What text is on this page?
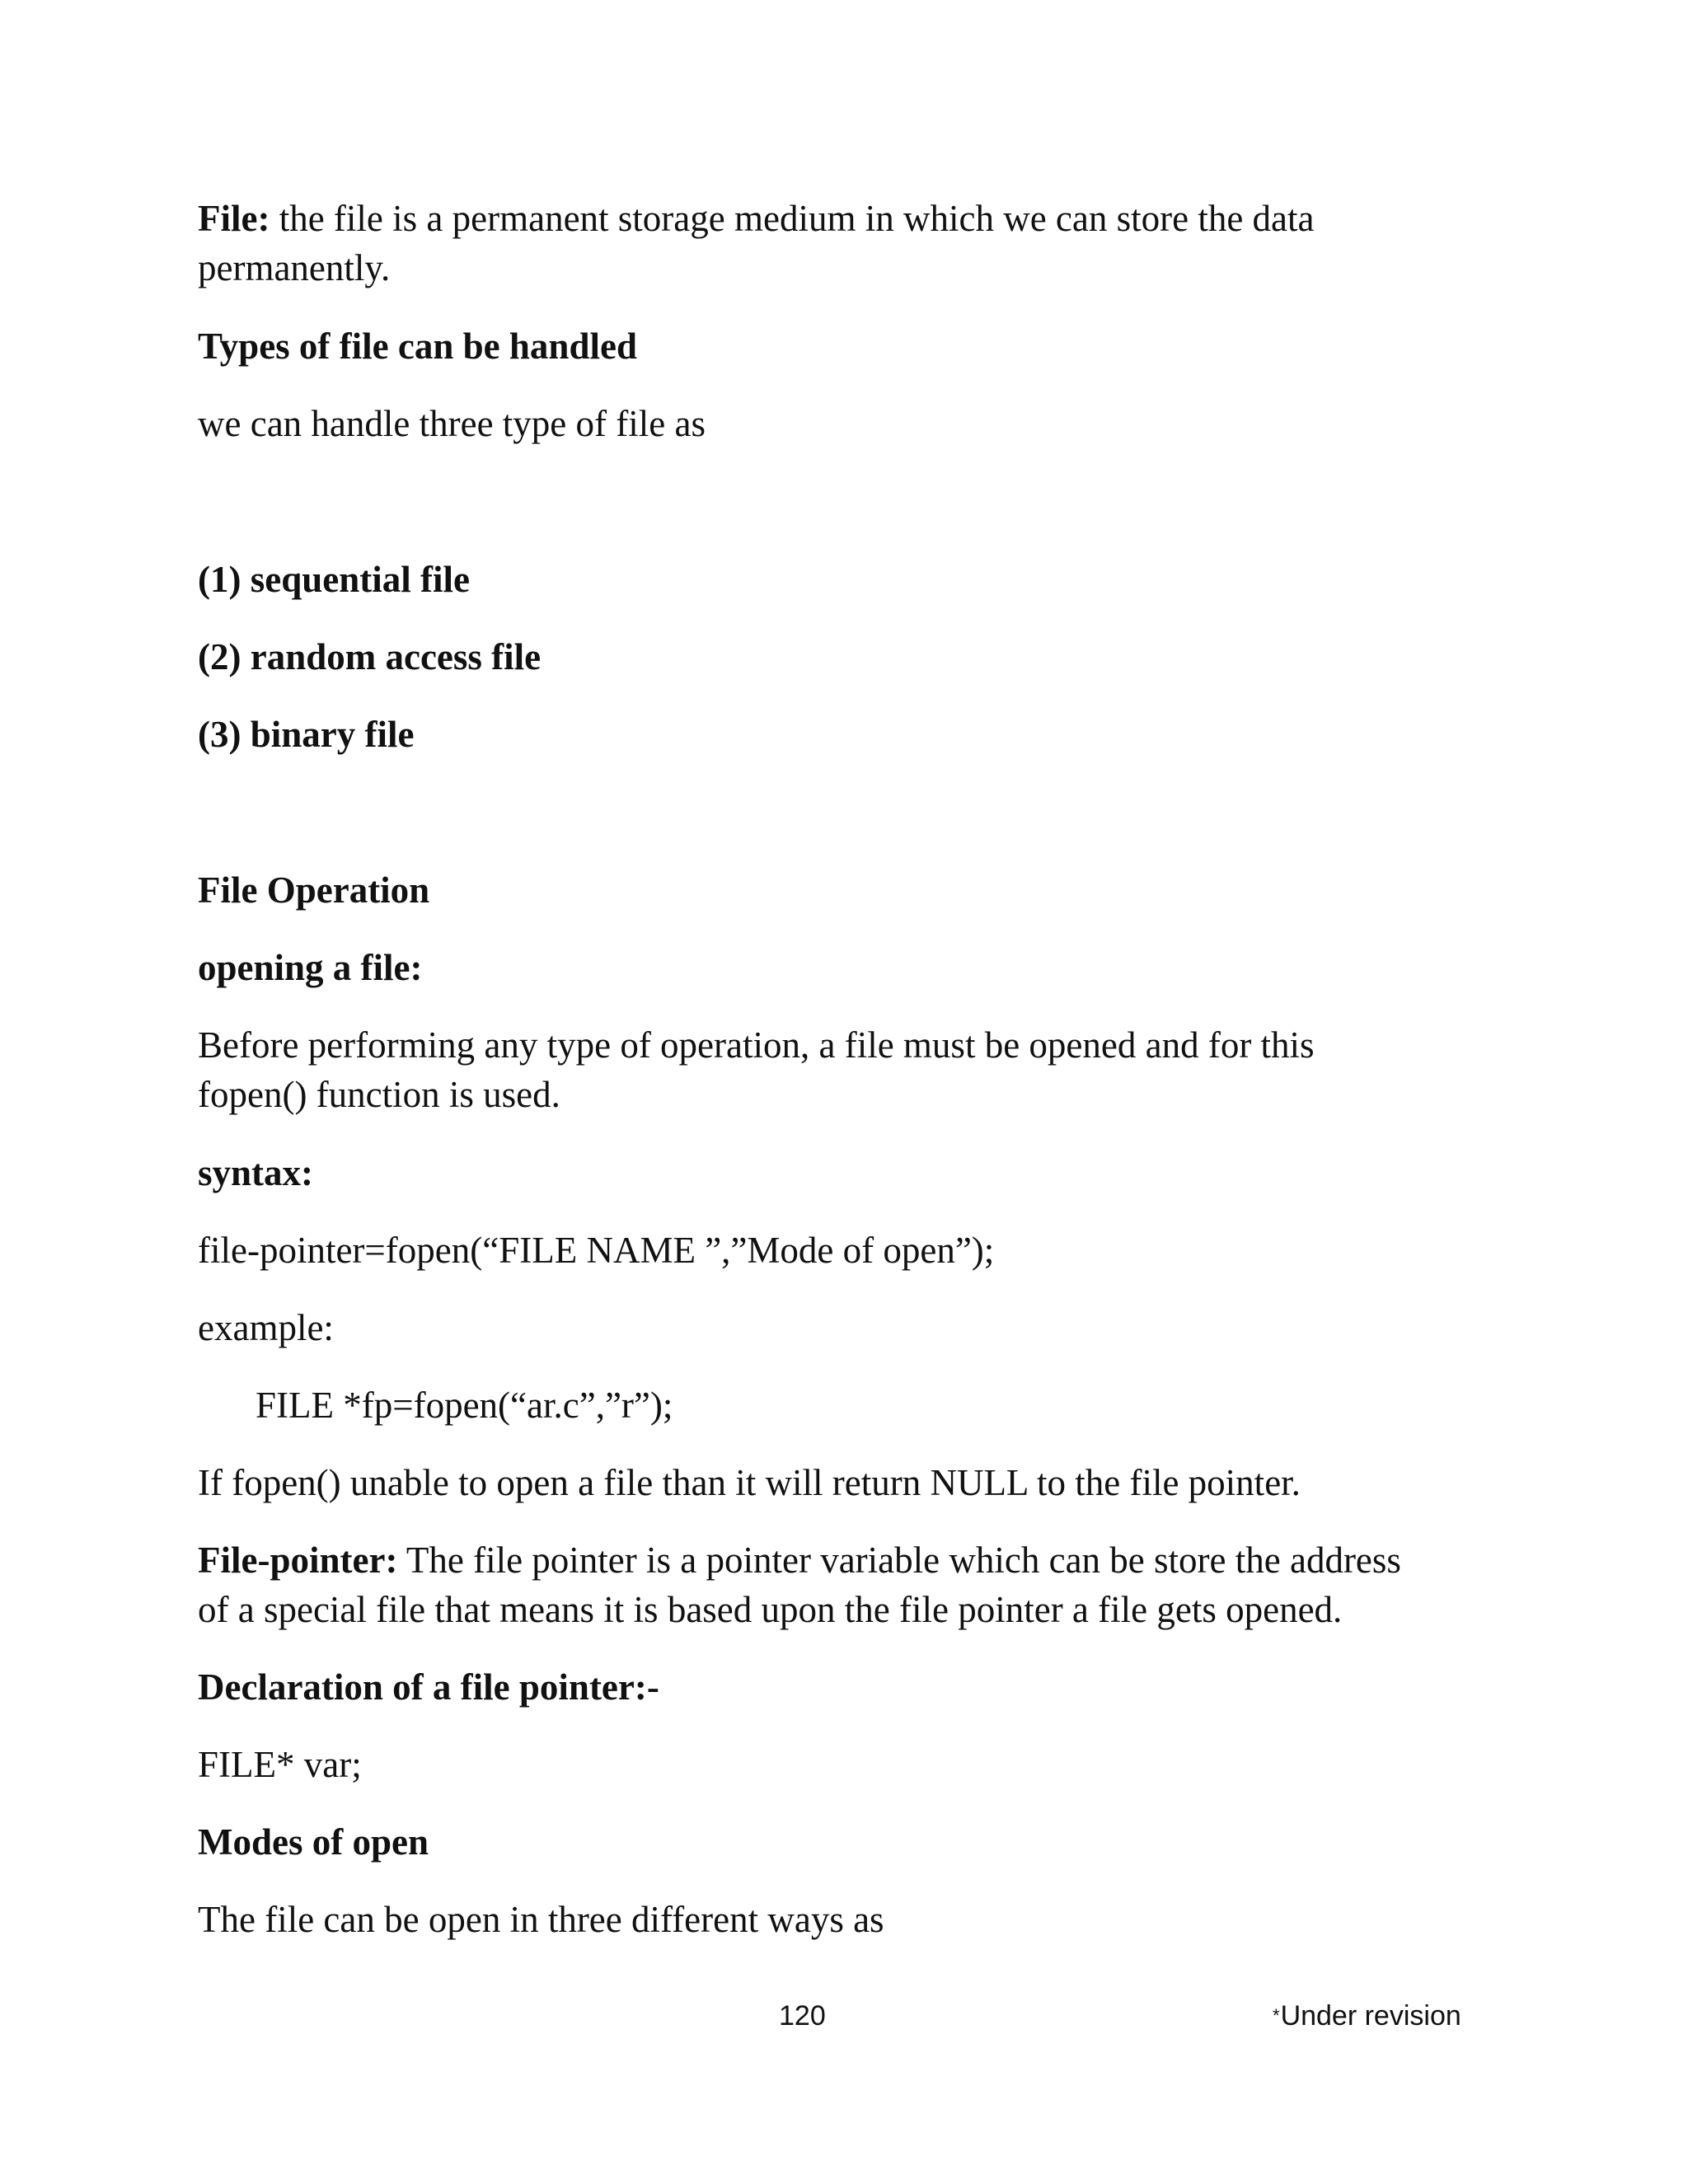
File: the file is a permanent storage medium in which we can store the data
permanently.
Types of file can be handled
we can handle three type of file as
(1) sequential file
(2) random access file
(3) binary file
File Operation
opening a file:
Before performing any type of operation, a file must be opened and for this
fopen() function is used.
syntax:
file-pointer=fopen(“FILE NAME ”,”Mode of open”);
example:
FILE *fp=fopen(“ar.c”,”r”);
If fopen() unable to open a file than it will return NULL to the file pointer.
File-pointer: The file pointer is a pointer variable which can be store the address
of a special file that means it is based upon the file pointer a file gets opened.
Declaration of a file pointer:-
FILE* var;
Modes of open
The file can be open in three different ways as
120	*Under revision
